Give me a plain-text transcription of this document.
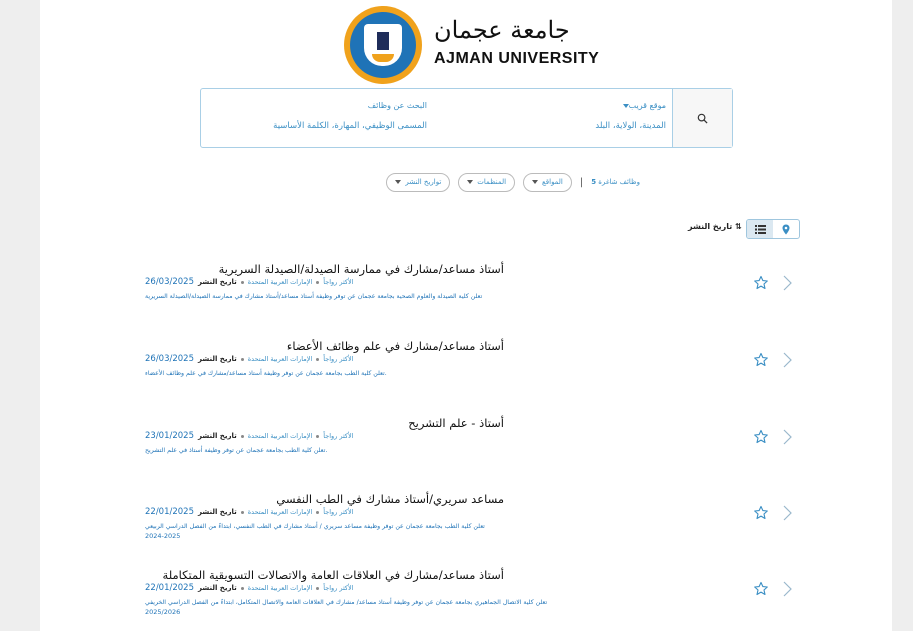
جامعة عجمان
AJMAN UNIVERSITY
البحث عن وظائف
المسمى الوظيفي، المهارة، الكلمة الأساسية
موقع قريب
المدينة، الولاية، البلد
وظائف شاغرة 5
|
المواقع
المنظمات
تواريخ النشر
تاريخ النشر ⇅
أستاذ مساعد/مشارك في ممارسة الصيدلة/الصيدلة السريرية
26/03/2025 تاريخ النشر الإمارات العربية المتحدة الأكثر رواجاً
تعلن كلية الصيدلة والعلوم الصحية بجامعة عجمان عن توفر وظيفة أستاذ مساعد/أستاذ مشارك في ممارسة الصيدلة/الصيدلة السريرية
أستاذ مساعد/مشارك في علم وظائف الأعضاء
26/03/2025 تاريخ النشر الإمارات العربية المتحدة الأكثر رواجاً
تعلن كلية الطب بجامعة عجمان عن توفر وظيفة أستاذ مساعد/مشارك في علم وظائف الأعضاء.
أستاذ - علم التشريح
23/01/2025 تاريخ النشر الإمارات العربية المتحدة الأكثر رواجاً
تعلن كلية الطب بجامعة عجمان عن توفر وظيفة أستاذ في علم التشريح.
مساعد سريري/أستاذ مشارك في الطب النفسي
22/01/2025 تاريخ النشر الإمارات العربية المتحدة الأكثر رواجاً
تعلن كلية الطب بجامعة عجمان عن توفر وظيفة مساعد سريري / أستاذ مشارك في الطب النفسي، ابتداءً من الفصل الدراسي الربيعي
2024-2025
أستاذ مساعد/مشارك في العلاقات العامة والاتصالات التسويقية المتكاملة
22/01/2025 تاريخ النشر الإمارات العربية المتحدة الأكثر رواجاً
تعلن كلية الاتصال الجماهيري بجامعة عجمان عن توفر وظيفة أستاذ مساعد/ مشارك في العلاقات العامة والاتصال المتكامل، ابتداءً من الفصل الدراسي الخريفي
2025/2026
